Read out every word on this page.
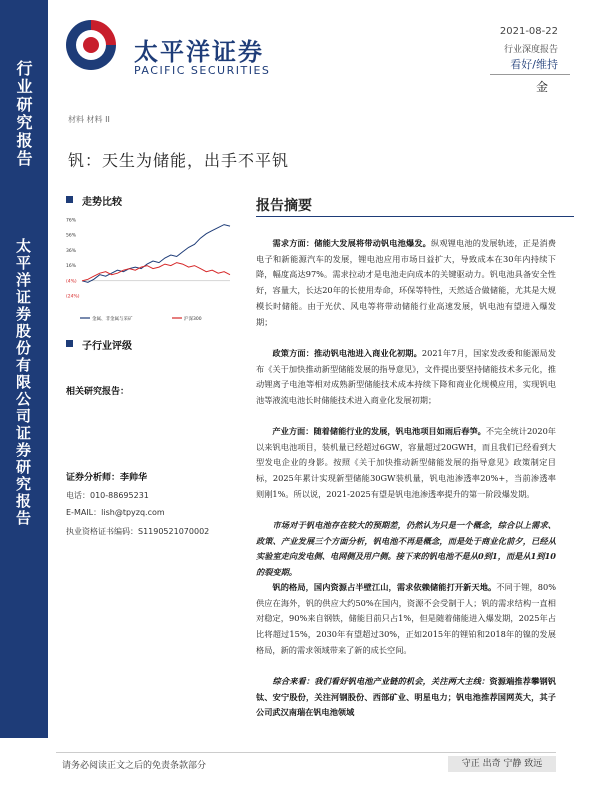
行业研究报告
太平洋证券股份有限公司证券研究报告
太平洋证券
PACIFIC SECURITIES
2021-08-22
行业深度报告
看好/维持
金
材料 材料 II
钒：天生为储能，出手不平钒
走势比较
76%
56%
36%
16%
(4%)
(24%)
金属、非金属与采矿	沪深300
子行业评级
相关研究报告：
证券分析师：李帅华
电话：010-88695231
E-MAIL：lish@tpyzq.com
执业资格证书编码：S1190521070002
报告摘要
  需求方面：储能大发展将带动钒电池爆发。纵观锂电池的发展轨迹，正是消费电子和新能源汽车的发展，锂电池应用市场日益扩大，导致成本在30年内持续下降，幅度高达97%。需求拉动才是电池走向成本的关键驱动力。钒电池具备安全性好，容量大，长达20年的长使用寿命，环保等特性，天然适合做储能，尤其是大规模长时储能。由于光伏、风电等将带动储能行业高速发展，钒电池有望进入爆发期；
  政策方面：推动钒电池进入商业化初期。2021年7月，国家发改委和能源局发布《关于加快推动新型储能发展的指导意见》，文件提出要坚持储能技术多元化，推动锂离子电池等相对成熟新型储能技术成本持续下降和商业化规模应用，实现钒电池等液流电池长时储能技术进入商业化发展初期；
  产业方面：随着储能行业的发展，钒电池项目如雨后春笋。不完全统计2020年以来钒电池项目，装机量已经超过6GW，容量超过20GWH，而且我们已经看到大型发电企业的身影。按照《关于加快推动新型储能发展的指导意见》政策制定目标，2025年累计实现新型储能30GW装机量，钒电池渗透率20%+，当前渗透率则刚1%。所以说，2021-2025有望是钒电池渗透率提升的第一阶段爆发期。
  市场对于钒电池存在较大的预期差，仍然认为只是一个概念，综合以上需求、政策、产业发展三个方面分析，钒电池不再是概念，而是处于商业化前夕，已经从实验室走向发电侧、电网侧及用户侧。接下来的钒电池不是从0到1，而是从1到10的裂变期。
  钒的格局，国内资源占半壁江山，需求依赖储能打开新天地。不同于锂，80%供应在海外，钒的供应大约50%在国内，资源不会受制于人；钒的需求结构一直相对稳定，90%来自钢铁，储能目前只占1%，但是随着储能进入爆发期，2025年占比将超过15%，2030年有望超过30%，正如2015年的锂铂和2018年的镍的发展格局，新的需求领域带来了新的成长空间。
  综合来看：我们看好钒电池产业链的机会，关注两大主线：资源端推荐攀钢钒钛、安宁股份，关注河钢股份、西部矿业、明星电力；钒电池推荐国网英大，其子公司武汉南瑞在钒电池领域
请务必阅读正文之后的免责条款部分	守正 出奇 宁静 致远
